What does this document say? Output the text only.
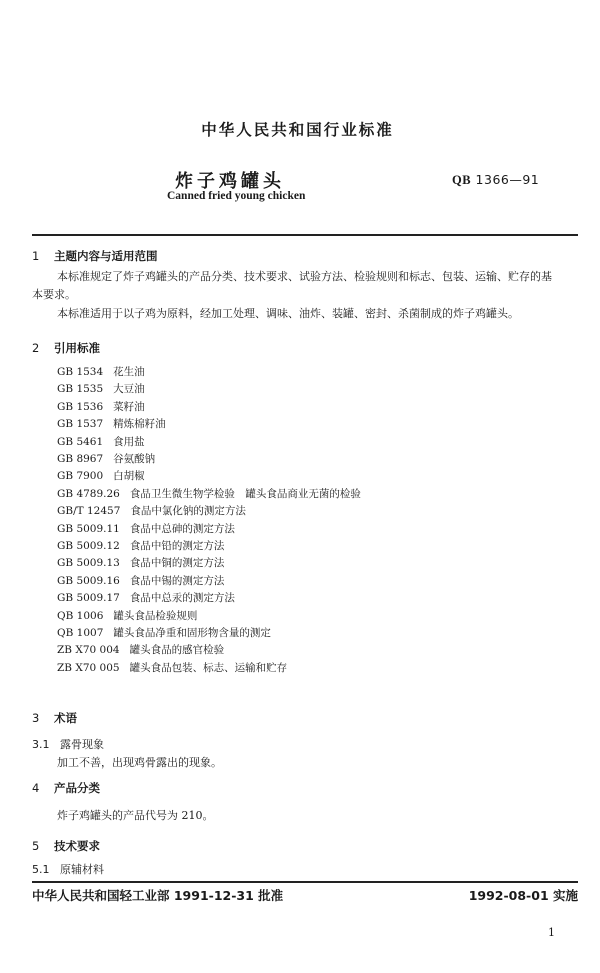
中华人民共和国行业标准
炸子鸡罐头	QB 1366—91
Canned fried young chicken
1 主题内容与适用范围
本标准规定了炸子鸡罐头的产品分类、技术要求、试验方法、检验规则和标志、包装、运输、贮存的基
本要求。
本标准适用于以子鸡为原料，经加工处理、调味、油炸、装罐、密封、杀菌制成的炸子鸡罐头。
2 引用标准
GB 1534 花生油
GB 1535 大豆油
GB 1536 菜籽油
GB 1537 精炼棉籽油
GB 5461 食用盐
GB 8967 谷氨酸钠
GB 7900 白胡椒
GB 4789.26 食品卫生微生物学检验　罐头食品商业无菌的检验
GB/T 12457 食品中氯化钠的测定方法
GB 5009.11 食品中总砷的测定方法
GB 5009.12 食品中铅的测定方法
GB 5009.13 食品中铜的测定方法
GB 5009.16 食品中锡的测定方法
GB 5009.17 食品中总汞的测定方法
QB 1006 罐头食品检验规则
QB 1007 罐头食品净重和固形物含量的测定
ZB X70 004 罐头食品的感官检验
ZB X70 005 罐头食品包装、标志、运输和贮存
3 术语
3.1 露骨现象
加工不善，出现鸡骨露出的现象。
4 产品分类
炸子鸡罐头的产品代号为 210。
5 技术要求
5.1 原辅材料
中华人民共和国轻工业部 1991-12-31 批准	1992-08-01 实施
1
